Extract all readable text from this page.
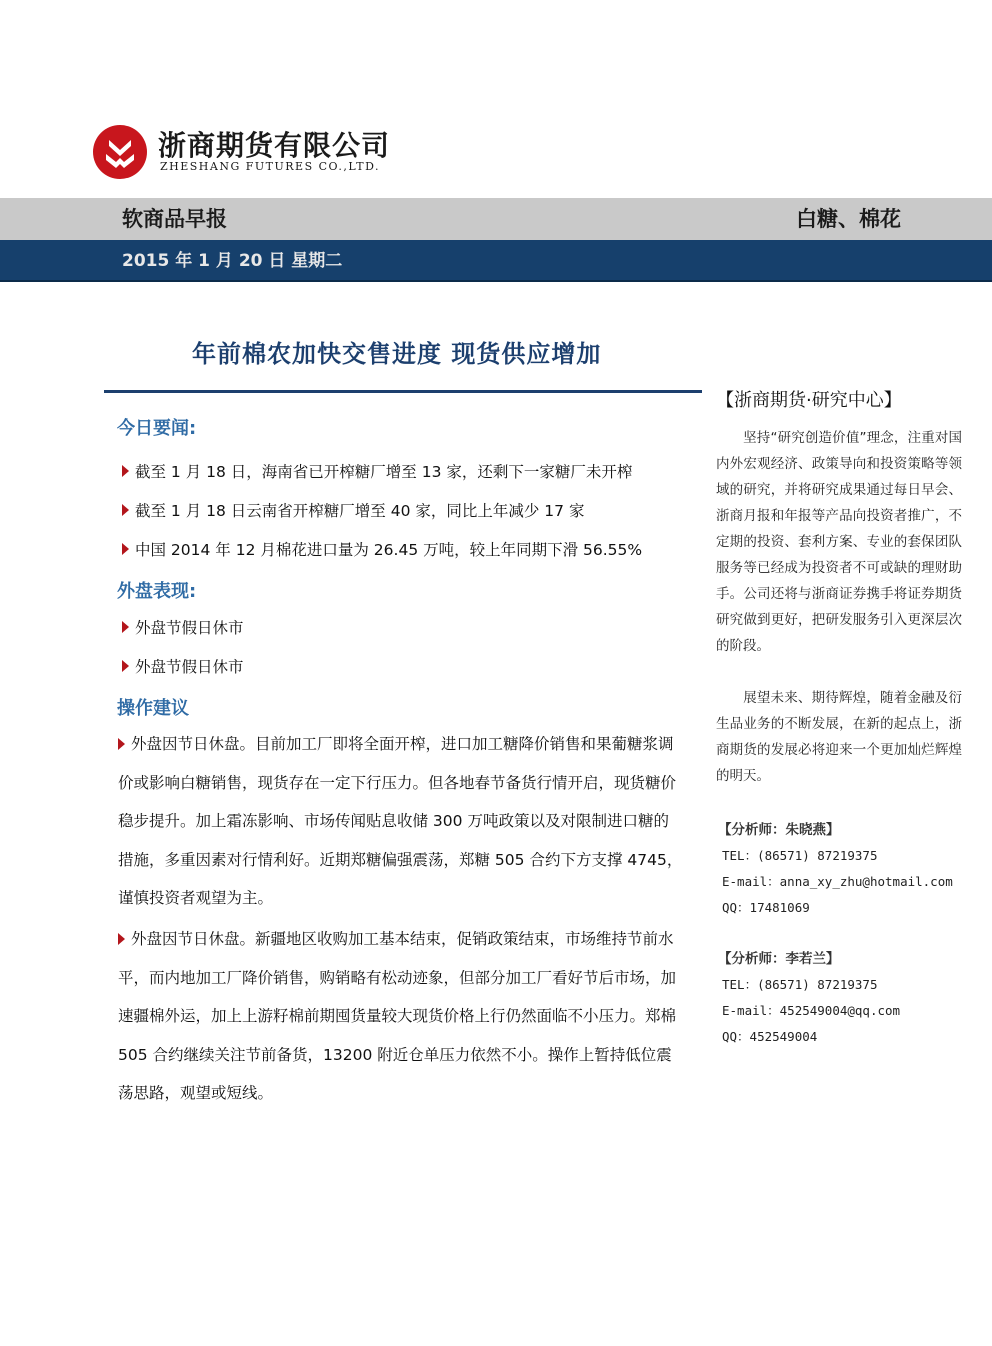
浙商期货有限公司
ZHESHANG FUTURES CO.,LTD.
软商品早报	白糖、棉花
2015 年 1 月 20 日 星期二
年前棉农加快交售进度 现货供应增加
今日要闻:
截至 1 月 18 日，海南省已开榨糖厂增至 13 家，还剩下一家糖厂未开榨
截至 1 月 18 日云南省开榨糖厂增至 40 家，同比上年减少 17 家
中国 2014 年 12 月棉花进口量为 26.45 万吨，较上年同期下滑 56.55%
外盘表现:
外盘节假日休市
外盘节假日休市
操作建议
外盘因节日休盘。目前加工厂即将全面开榨，进口加工糖降价销售和果葡糖浆调价或影响白糖销售，现货存在一定下行压力。但各地春节备货行情开启，现货糖价稳步提升。加上霜冻影响、市场传闻贴息收储 300 万吨政策以及对限制进口糖的措施，多重因素对行情利好。近期郑糖偏强震荡，郑糖 505 合约下方支撑 4745，谨慎投资者观望为主。
外盘因节日休盘。新疆地区收购加工基本结束，促销政策结束，市场维持节前水平，而内地加工厂降价销售，购销略有松动迹象，但部分加工厂看好节后市场，加速疆棉外运，加上上游籽棉前期囤货量较大现货价格上行仍然面临不小压力。郑棉 505 合约继续关注节前备货，13200 附近仓单压力依然不小。操作上暂持低位震荡思路，观望或短线。
【浙商期货·研究中心】
坚持“研究创造价值”理念，注重对国内外宏观经济、政策导向和投资策略等领域的研究，并将研究成果通过每日早会、浙商月报和年报等产品向投资者推广，不定期的投资、套利方案、专业的套保团队服务等已经成为投资者不可或缺的理财助手。公司还将与浙商证券携手将证券期货研究做到更好，把研发服务引入更深层次的阶段。
展望未来、期待辉煌，随着金融及衍生品业务的不断发展，在新的起点上，浙商期货的发展必将迎来一个更加灿烂辉煌的明天。
【分析师：朱晓燕】
TEL：(86571) 87219375
E-mail：anna_xy_zhu@hotmail.com
QQ：17481069
【分析师：李若兰】
TEL：(86571) 87219375
E-mail：452549004@qq.com
QQ：452549004
